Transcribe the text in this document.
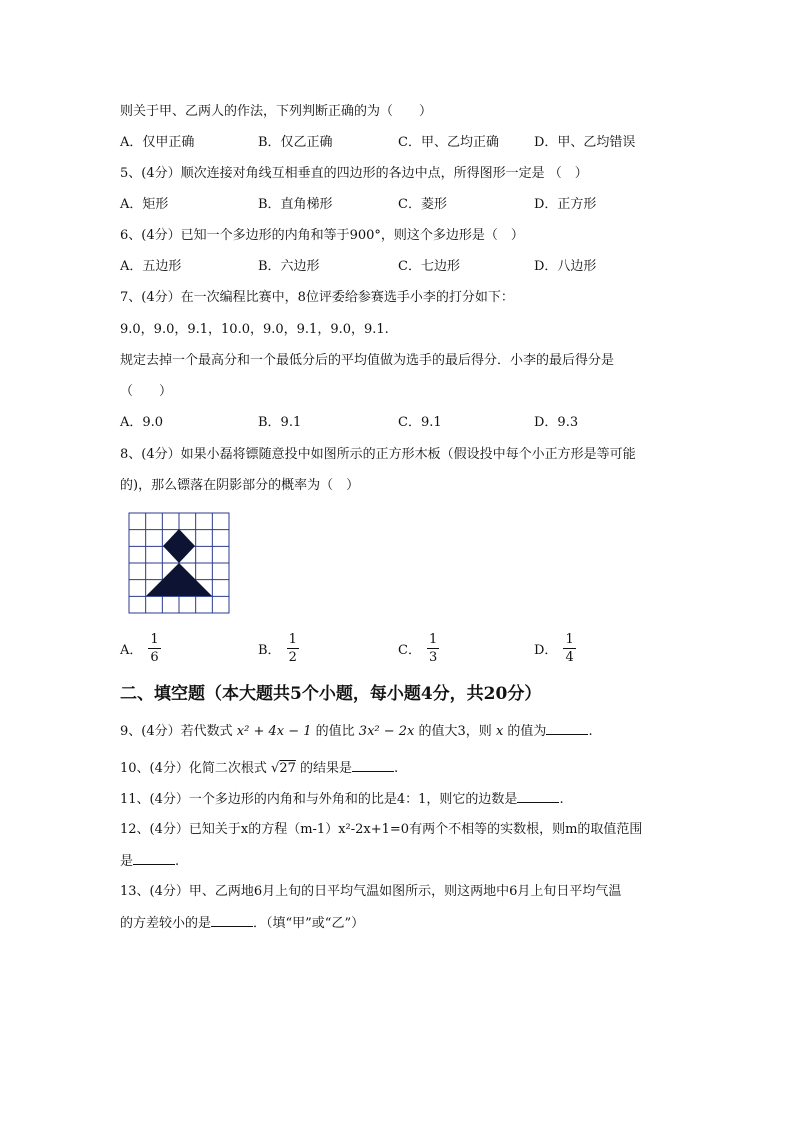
则关于甲、乙两人的作法，下列判断正确的为（　　）
A．仅甲正确	B．仅乙正确	C．甲、乙均正确	D．甲、乙均错误
5、(4分）顺次连接对角线互相垂直的四边形的各边中点，所得图形一定是 （　）
A．矩形	B．直角梯形	C．菱形	D．正方形
6、(4分）已知一个多边形的内角和等于900°，则这个多边形是（　）
A．五边形	B．六边形	C．七边形	D．八边形
7、(4分）在一次编程比赛中，8位评委给参赛选手小李的打分如下：
9.0，9.0，9.1，10.0，9.0，9.1，9.0，9.1.
规定去掉一个最高分和一个最低分后的平均值做为选手的最后得分．小李的最后得分是
（　　）
A．9.0	B．9.1	C．9.1	D．9.3
8、(4分）如果小磊将镖随意投中如图所示的正方形木板（假设投中每个小正方形是等可能
的)，那么镖落在阴影部分的概率为（　）
A． $\frac{1}{6}$	B． $\frac{1}{2}$	C． $\frac{1}{3}$	D． $\frac{1}{4}$
二、填空题（本大题共5个小题，每小题4分，共20分）
9、(4分）若代数式 x² + 4x − 1 的值比 3x² − 2x 的值大3，则 x 的值为	.
10、(4分）化简二次根式 √27 的结果是	.
11、(4分）一个多边形的内角和与外角和的比是4：1，则它的边数是	.
12、(4分）已知关于x的方程（m-1）x²-2x+1=0有两个不相等的实数根，则m的取值范围
是	.
13、(4分）甲、乙两地6月上旬的日平均气温如图所示，则这两地中6月上旬日平均气温
的方差较小的是	．（填“甲”或“乙”）
